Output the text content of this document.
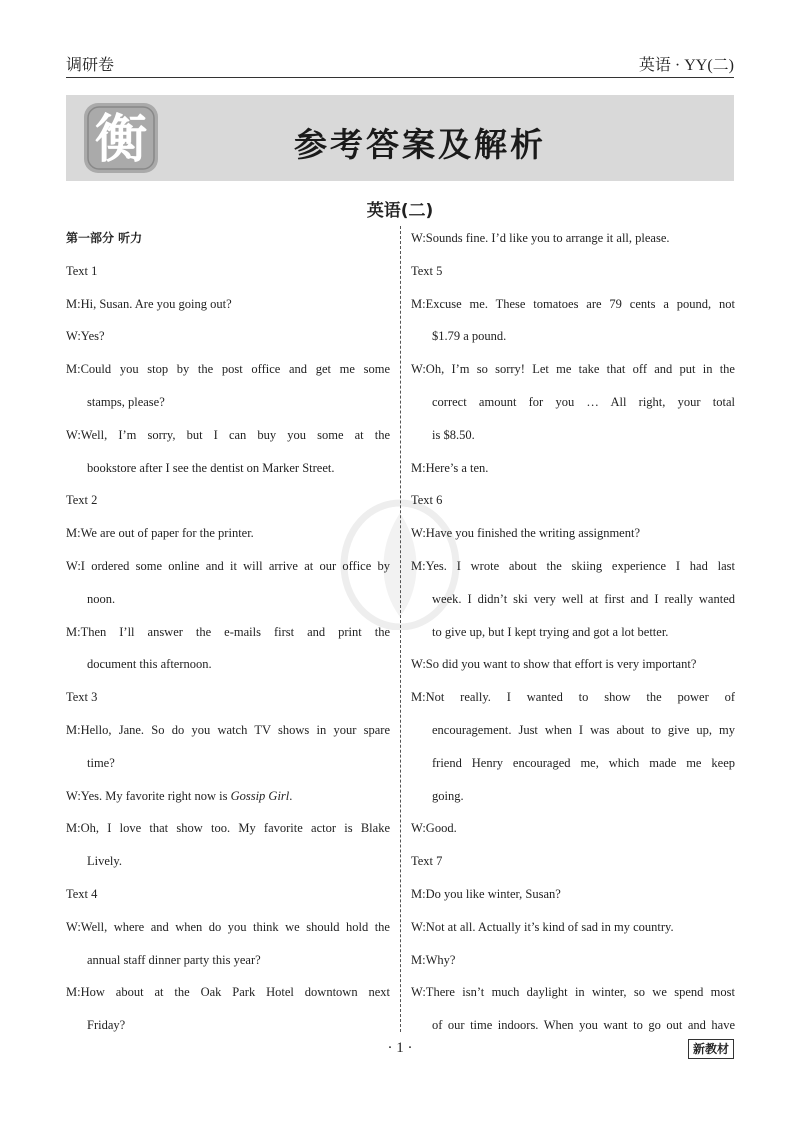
调研卷	英语 · YY(二)
衡	参考答案及解析
英语(二)
第一部分 听力
Text 1
M:Hi, Susan. Are you going out?
W:Yes?
M:Could you stop by the post office and get me some
stamps, please?
W:Well, I’m sorry, but I can buy you some at the
bookstore after I see the dentist on Marker Street.
Text 2
M:We are out of paper for the printer.
W:I ordered some online and it will arrive at our office by
noon.
M:Then I’ll answer the e-mails first and print the
document this afternoon.
Text 3
M:Hello, Jane. So do you watch TV shows in your spare
time?
W:Yes. My favorite right now is Gossip Girl.
M:Oh, I love that show too. My favorite actor is Blake
Lively.
Text 4
W:Well, where and when do you think we should hold the
annual staff dinner party this year?
M:How about at the Oak Park Hotel downtown next
Friday?
W:Sounds fine. I’d like you to arrange it all, please.
Text 5
M:Excuse me. These tomatoes are 79 cents a pound, not
$1.79 a pound.
W:Oh, I’m so sorry! Let me take that off and put in the
correct amount for you … All right, your total
is $8.50.
M:Here’s a ten.
Text 6
W:Have you finished the writing assignment?
M:Yes. I wrote about the skiing experience I had last
week. I didn’t ski very well at first and I really wanted
to give up, but I kept trying and got a lot better.
W:So did you want to show that effort is very important?
M:Not really. I wanted to show the power of
encouragement. Just when I was about to give up, my
friend Henry encouraged me, which made me keep
going.
W:Good.
Text 7
M:Do you like winter, Susan?
W:Not at all. Actually it’s kind of sad in my country.
M:Why?
W:There isn’t much daylight in winter, so we spend most
of our time indoors. When you want to go out and have
· 1 ·	新教材
